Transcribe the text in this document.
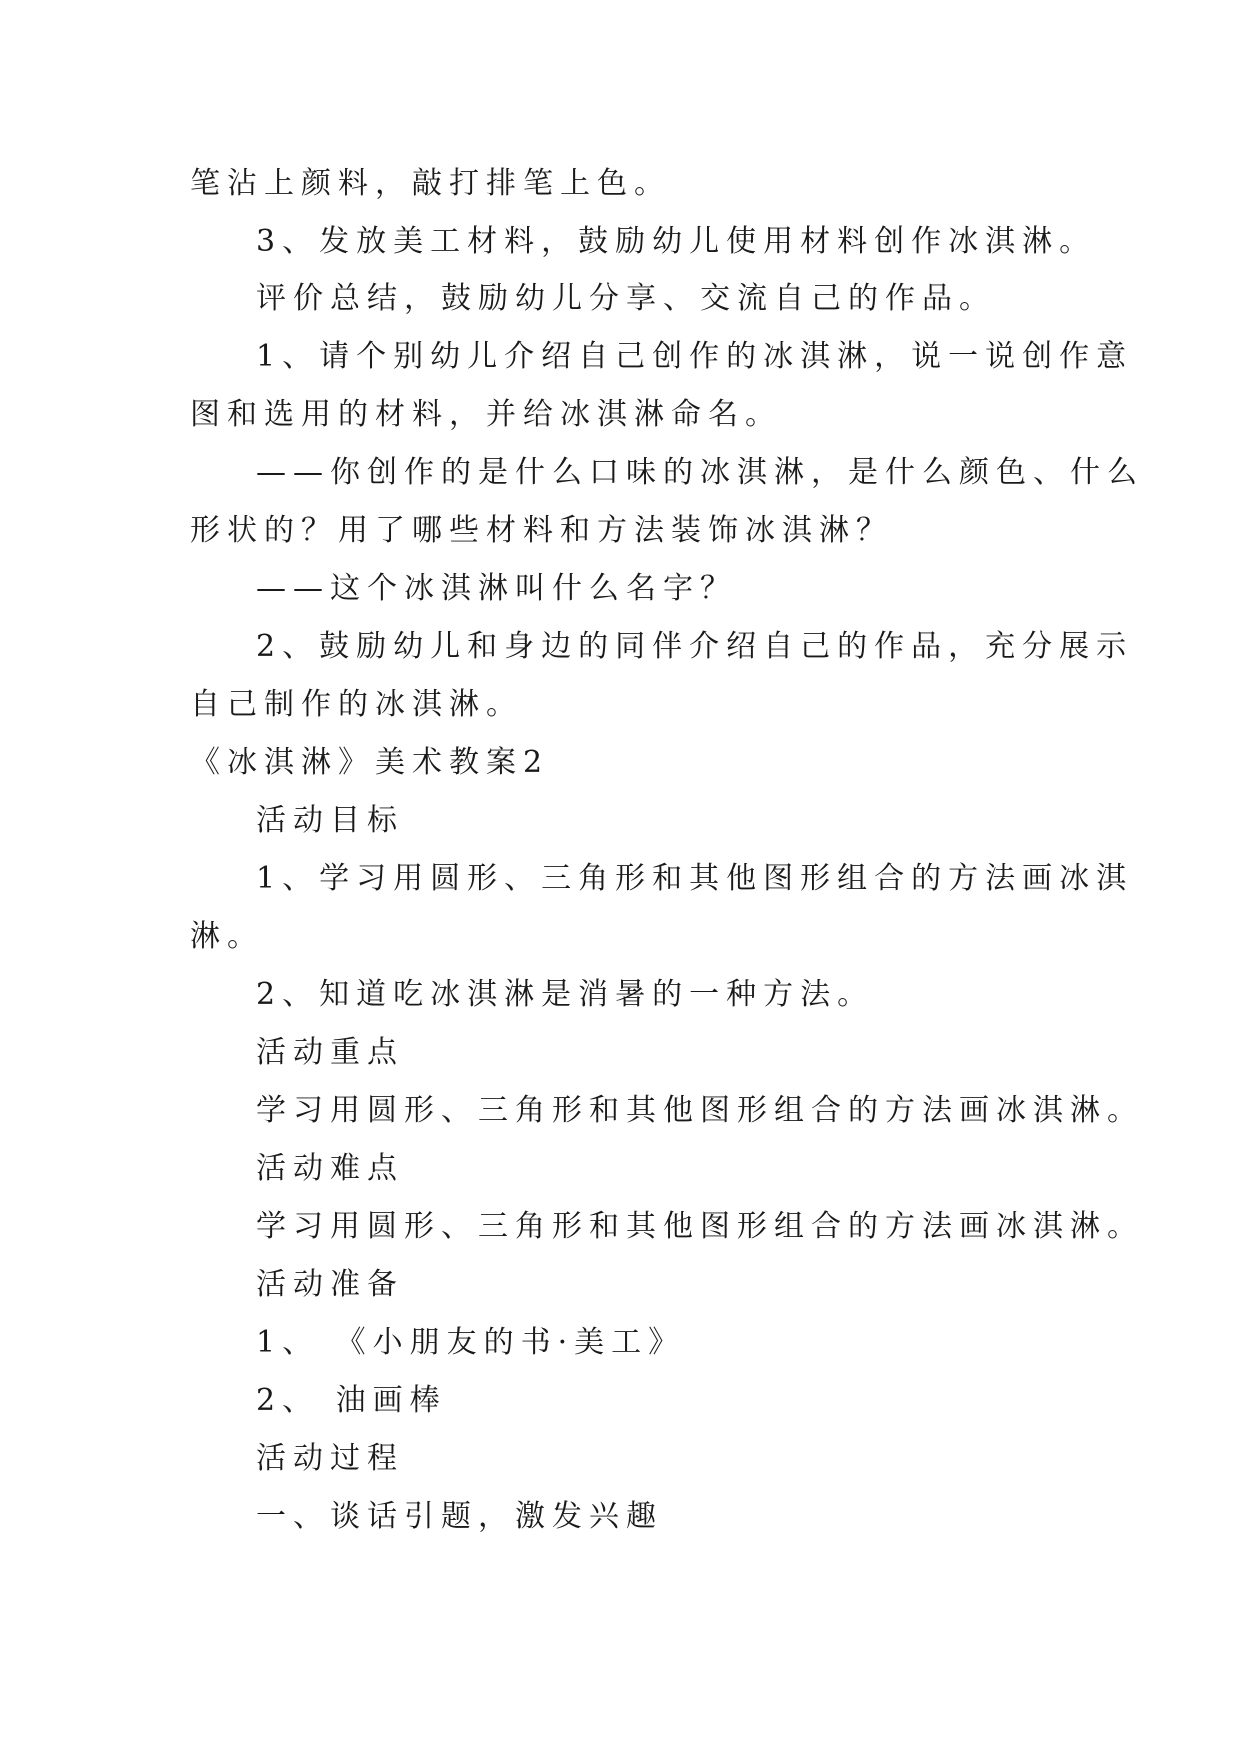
笔沾上颜料，敲打排笔上色。
3、发放美工材料，鼓励幼儿使用材料创作冰淇淋。
评价总结，鼓励幼儿分享、交流自己的作品。
1、请个别幼儿介绍自己创作的冰淇淋，说一说创作意
图和选用的材料，并给冰淇淋命名。
——你创作的是什么口味的冰淇淋，是什么颜色、什么
形状的？用了哪些材料和方法装饰冰淇淋？
——这个冰淇淋叫什么名字？
2、鼓励幼儿和身边的同伴介绍自己的作品，充分展示
自己制作的冰淇淋。
《冰淇淋》美术教案2
活动目标
1、学习用圆形、三角形和其他图形组合的方法画冰淇
淋。
2、知道吃冰淇淋是消暑的一种方法。
活动重点
学习用圆形、三角形和其他图形组合的方法画冰淇淋。
活动难点
学习用圆形、三角形和其他图形组合的方法画冰淇淋。
活动准备
1、 《小朋友的书·美工》
2、 油画棒
活动过程
一、谈话引题，激发兴趣
